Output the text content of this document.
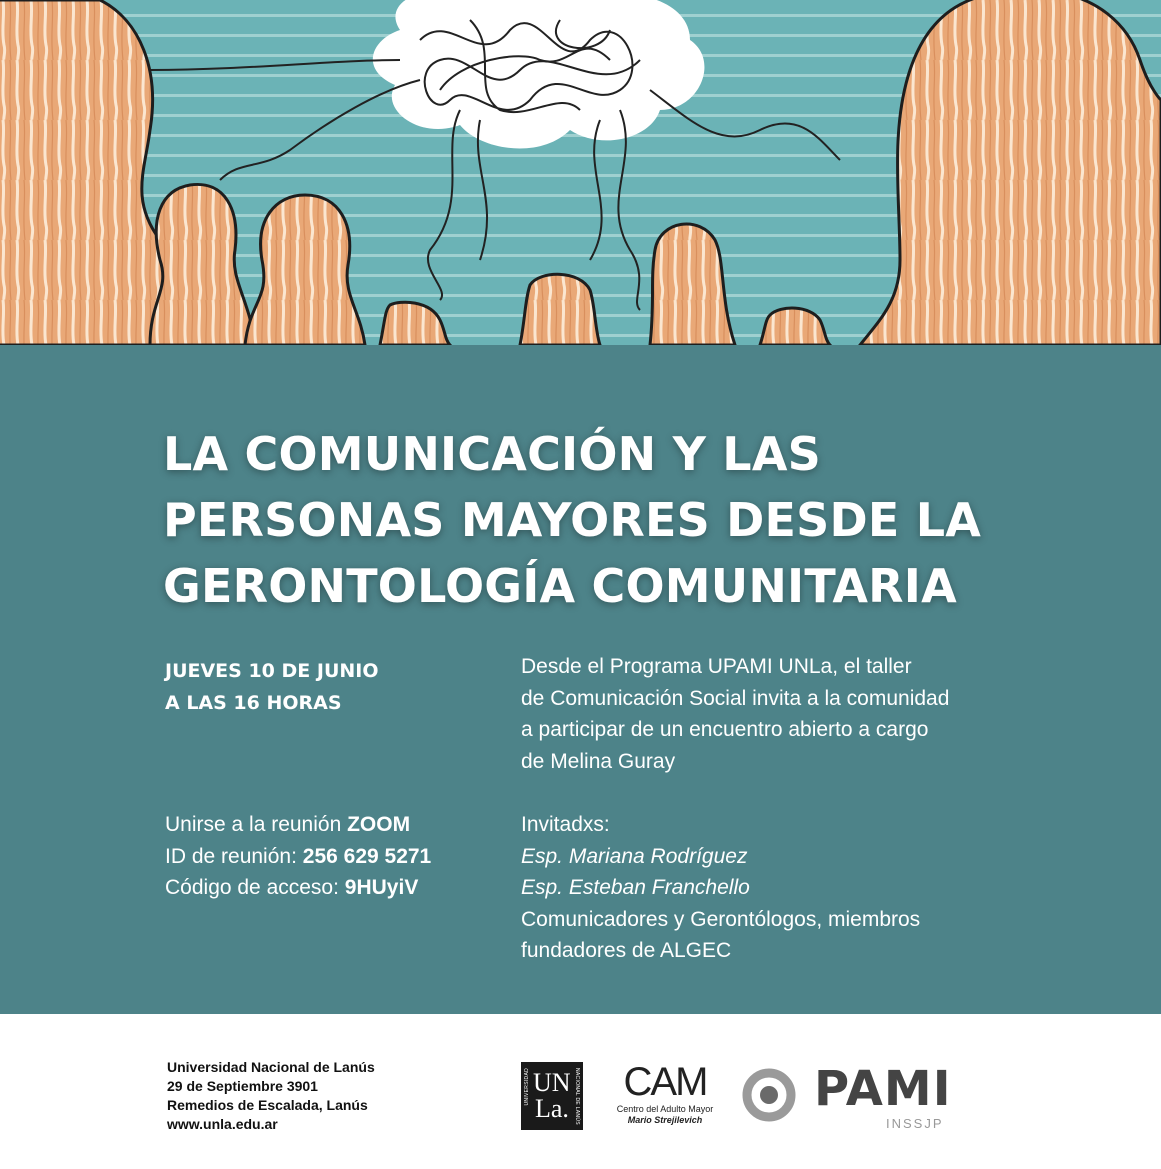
LA COMUNICACIÓN Y LAS
PERSONAS MAYORES DESDE LA
GERONTOLOGÍA COMUNITARIA
JUEVES 10 DE JUNIO
A LAS 16 HORAS
Desde el Programa UPAMI UNLa, el taller
de Comunicación Social invita a la comunidad
a participar de un encuentro abierto a cargo
de Melina Guray
Unirse a la reunión ZOOM
ID de reunión: 256 629 5271
Código de acceso: 9HUyiV
Invitadxs:
Esp. Mariana Rodríguez
Esp. Esteban Franchello
Comunicadores y Gerontólogos, miembros
fundadores de ALGEC
Universidad Nacional de Lanús
29 de Septiembre 3901
Remedios de Escalada, Lanús
www.unla.edu.ar
UNIVERSIDAD UN
La. NACIONAL DE LANÚS	CAM
Centro del Adulto Mayor
Mario Strejilevich
PAMI
INSSJP
